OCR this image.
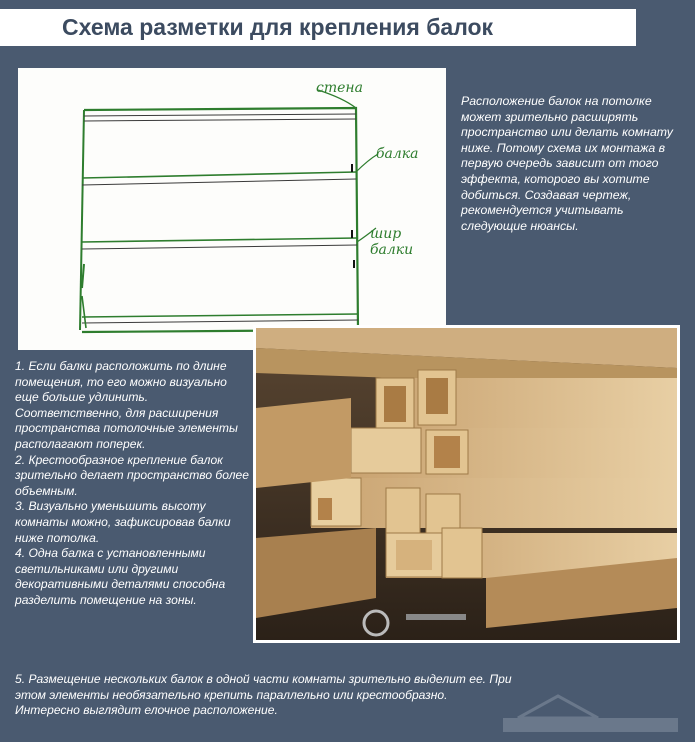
Схема разметки для крепления балок
стена
балка
шир
балки

Расположение балок на потолке может зрительно расширять пространство или делать комнату ниже. Потому схема их монтажа в первую очередь зависит от того эффекта, которого вы хотите добиться. Создавая чертеж, рекомендуется учитывать следующие нюансы.

1. Если балки расположить по длине помещения, то его можно визуально еще больше удлинить. Соответственно, для расширения пространства потолочные элементы располагают поперек.
2. Крестообразное крепление балок зрительно делает пространство более объемным.
3. Визуально уменьшить высоту комнаты можно, зафиксировав балки ниже потолка.
4. Одна балка с установленными светильниками или другими декоративными деталями способна разделить помещение на зоны.

5. Размещение нескольких балок в одной части комнаты зрительно выделит ее. При этом элементы необязательно крепить параллельно или крестообразно. Интересно выглядит елочное расположение.
